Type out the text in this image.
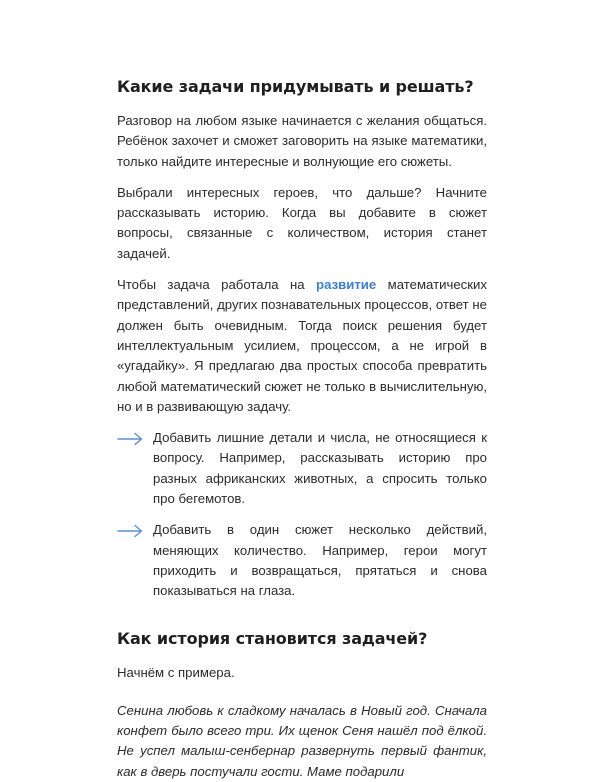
Какие задачи придумывать и решать?

Разговор на любом языке начинается с желания общаться. Ребёнок захочет и сможет заговорить на языке математики, только найдите интересные и волнующие его сюжеты.

Выбрали интересных героев, что дальше? Начните рассказывать историю. Когда вы добавите в сюжет вопросы, связанные с количеством, история станет задачей.

Чтобы задача работала на развитие математических представлений, других познавательных процессов, ответ не должен быть очевидным. Тогда поиск решения будет интеллектуальным усилием, процессом, а не игрой в «угадайку». Я предлагаю два простых способа превратить любой математический сюжет не только в вычислительную, но и в развивающую задачу.

Добавить лишние детали и числа, не относящиеся к вопросу. Например, рассказывать историю про разных африканских животных, а спросить только про бегемотов.

Добавить в один сюжет несколько действий, меняющих количество. Например, герои могут приходить и возвращаться, прятаться и снова показываться на глаза.

Как история становится задачей?

Начнём с примера.

Сенина любовь к сладкому началась в Новый год. Сначала конфет было всего три. Их щенок Сеня нашёл под ёлкой. Не успел малыш-сенбернар развернуть первый фантик, как в дверь постучали гости. Маме подарили
